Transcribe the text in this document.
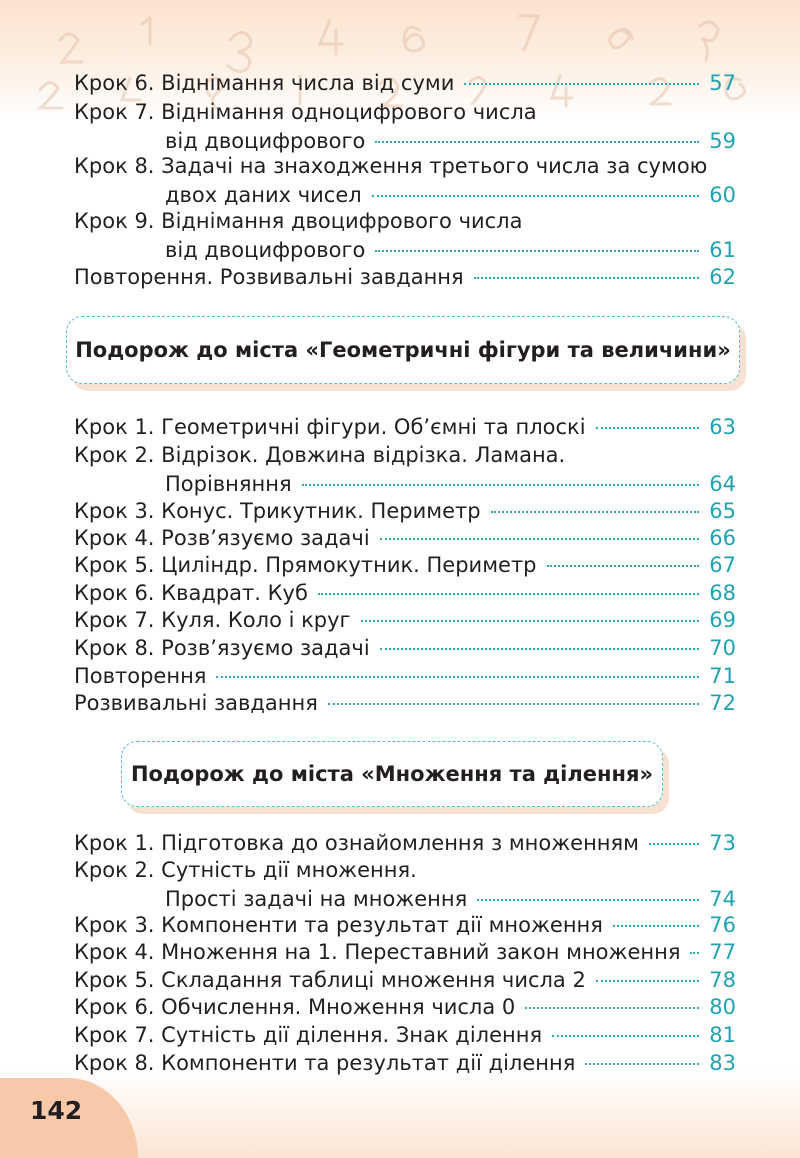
​
142
Крок 6. Віднімання числа від суми	57
Крок 7. Віднімання одноцифрового числа
від двоцифрового	59
Крок 8. Задачі на знаходження третього числа за сумою
двох даних чисел	60
Крок 9. Віднімання двоцифрового числа
від двоцифрового	61
Повторення. Розвивальні завдання	62
Подорож до міста «Геометричні фігури та величини»
Крок 1. Геометричні фігури. Об’ємні та плоскі	63
Крок 2. Відрізок. Довжина відрізка. Ламана.
Порівняння	64
Крок 3. Конус. Трикутник. Периметр	65
Крок 4. Розв’язуємо задачі	66
Крок 5. Циліндр. Прямокутник. Периметр	67
Крок 6. Квадрат. Куб	68
Крок 7. Куля. Коло і круг	69
Крок 8. Розв’язуємо задачі	70
Повторення	71
Розвивальні завдання	72
Подорож до міста «Множення та ділення»
Крок 1. Підготовка до ознайомлення з множенням	73
Крок 2. Сутність дії множення.
Прості задачі на множення	74
Крок 3. Компоненти та результат дії множення	76
Крок 4. Множення на 1. Переставний закон множення 77
Крок 5. Складання таблиці множення числа 2	78
Крок 6. Обчислення. Множення числа 0	80
Крок 7. Сутність дії ділення. Знак ділення	81
Крок 8. Компоненти та результат дії ділення	83
